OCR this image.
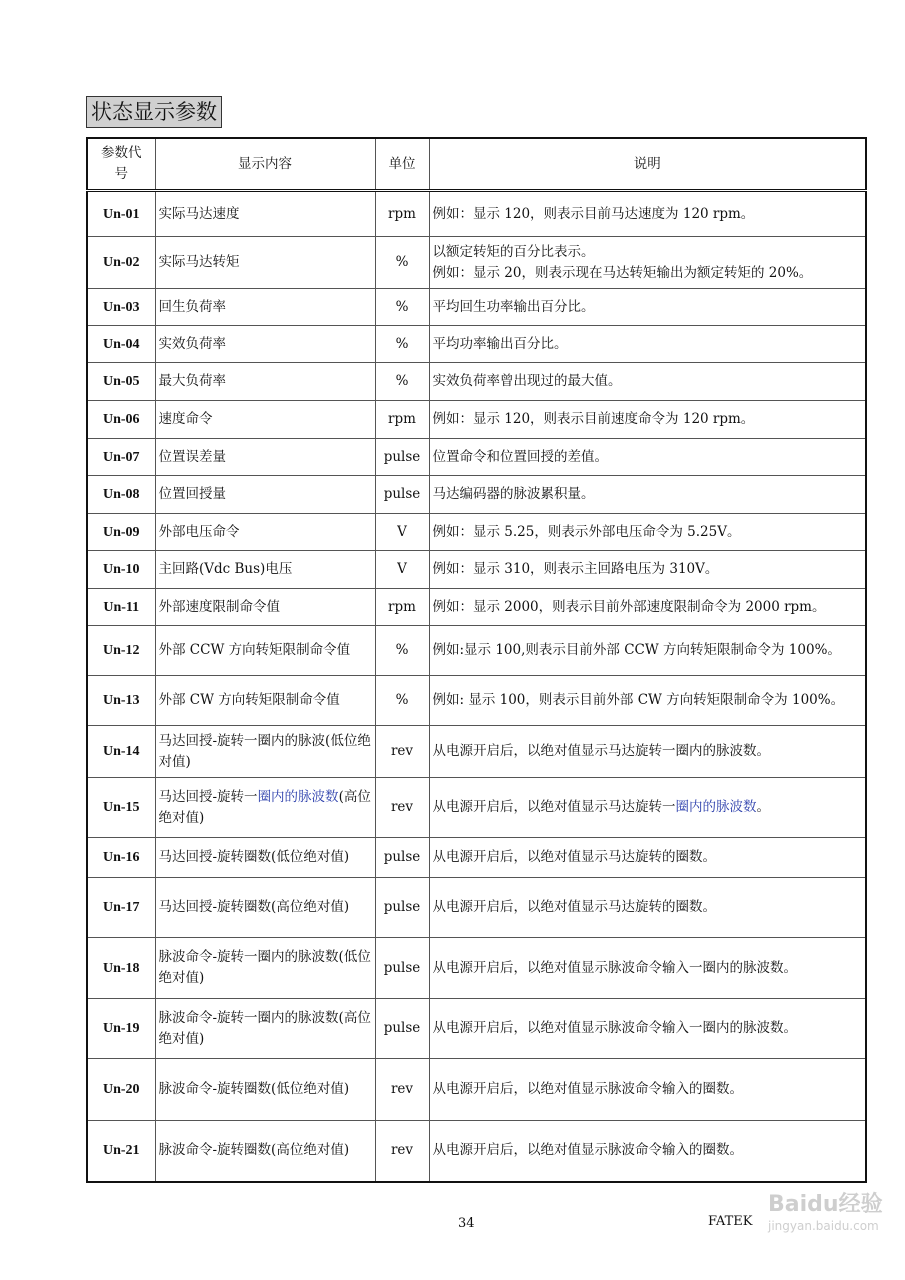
状态显示参数
参数代号	显示内容	单位	说明
Un-01	实际马达速度	rpm	例如：显示 120，则表示目前马达速度为 120 rpm。
Un-02	实际马达转矩	%	以额定转矩的百分比表示。
例如：显示 20，则表示现在马达转矩输出为额定转矩的 20%。
Un-03	回生负荷率	%	平均回生功率输出百分比。
Un-04	实效负荷率	%	平均功率输出百分比。
Un-05	最大负荷率	%	实效负荷率曾出现过的最大值。
Un-06	速度命令	rpm	例如：显示 120，则表示目前速度命令为 120 rpm。
Un-07	位置误差量	pulse	位置命令和位置回授的差值。
Un-08	位置回授量	pulse	马达编码器的脉波累积量。
Un-09	外部电压命令	V	例如：显示 5.25，则表示外部电压命令为 5.25V。
Un-10	主回路(Vdc Bus)电压	V	例如：显示 310，则表示主回路电压为 310V。
Un-11	外部速度限制命令值	rpm	例如：显示 2000，则表示目前外部速度限制命令为 2000 rpm。
Un-12	外部 CCW 方向转矩限制命令值	%	例如:显示 100,则表示目前外部 CCW 方向转矩限制命令为 100%。
Un-13	外部 CW 方向转矩限制命令值	%	例如: 显示 100，则表示目前外部 CW 方向转矩限制命令为 100%。
Un-14	马达回授-旋转一圈内的脉波(低位绝对值)	rev	从电源开启后，以绝对值显示马达旋转一圈内的脉波数。
Un-15	马达回授-旋转一圈内的脉波数(高位绝对值)	rev	从电源开启后，以绝对值显示马达旋转一圈内的脉波数。
Un-16	马达回授-旋转圈数(低位绝对值)	pulse	从电源开启后，以绝对值显示马达旋转的圈数。
Un-17	马达回授-旋转圈数(高位绝对值)	pulse	从电源开启后，以绝对值显示马达旋转的圈数。
Un-18	脉波命令-旋转一圈内的脉波数(低位绝对值)	pulse	从电源开启后，以绝对值显示脉波命令输入一圈内的脉波数。
Un-19	脉波命令-旋转一圈内的脉波数(高位绝对值)	pulse	从电源开启后，以绝对值显示脉波命令输入一圈内的脉波数。
Un-20	脉波命令-旋转圈数(低位绝对值)	rev	从电源开启后，以绝对值显示脉波命令输入的圈数。
Un-21	脉波命令-旋转圈数(高位绝对值)	rev	从电源开启后，以绝对值显示脉波命令输入的圈数。
34	FATEK
Baidu经验
jingyan.baidu.com
